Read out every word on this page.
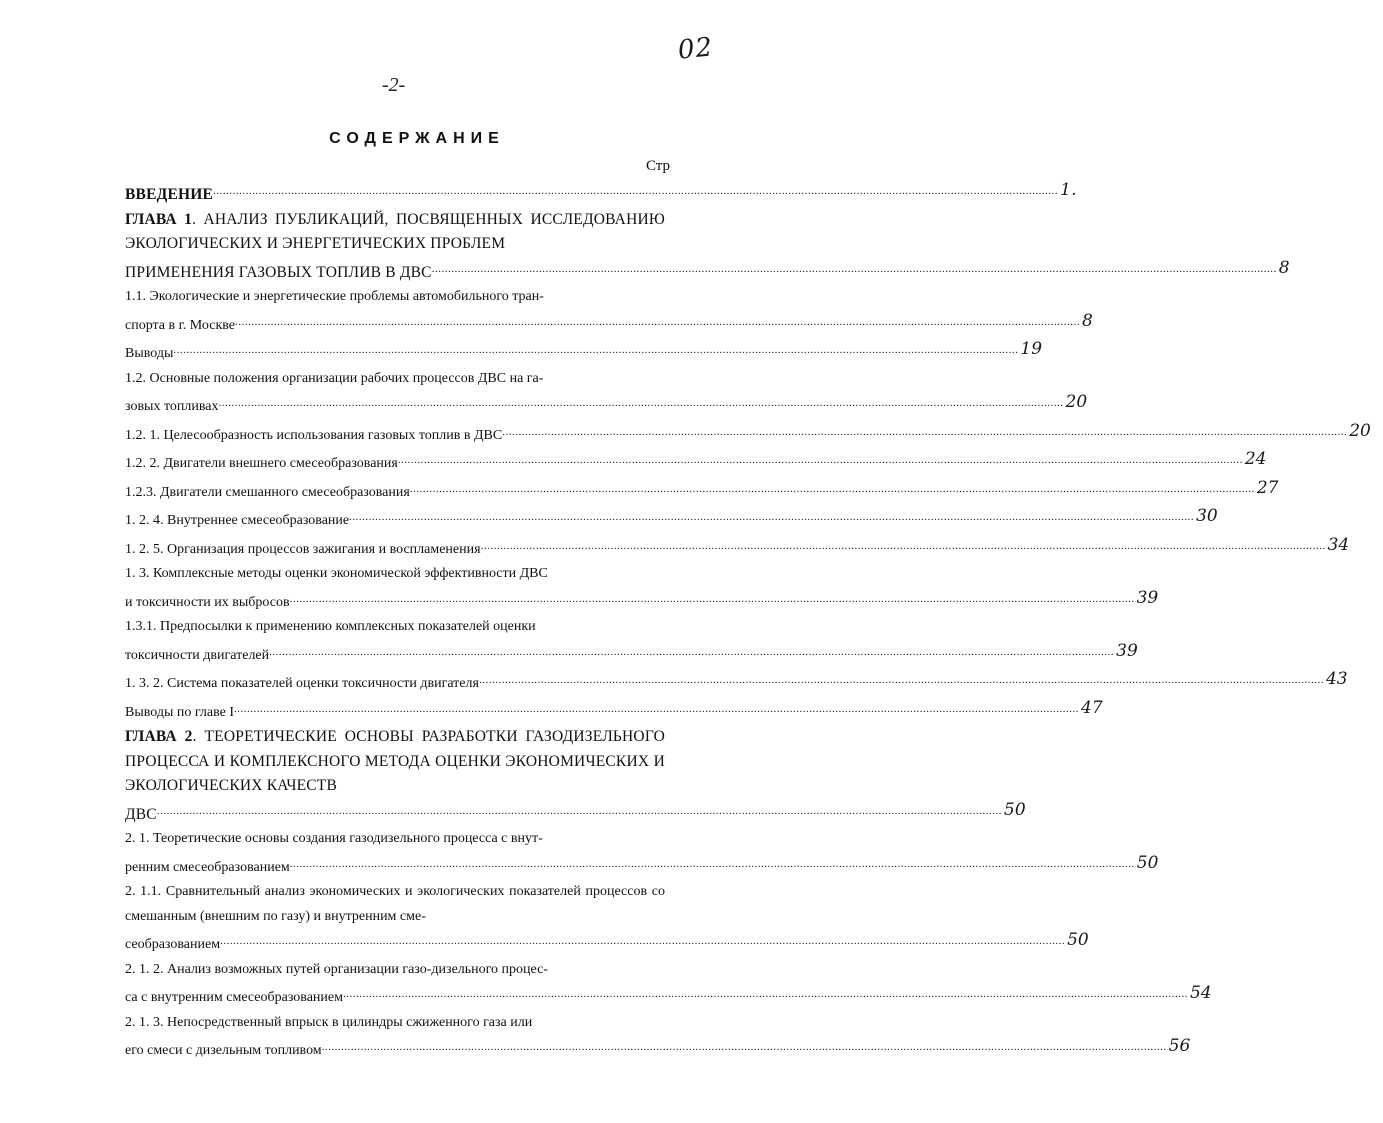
02
-2-
СОДЕРЖАНИЕ
Стр
ВВЕДЕНИЕ .................................................................................................................................................................................................................................................................... 1.
ГЛАВА 1. АНАЛИЗ ПУБЛИКАЦИЙ, ПОСВЯЩЕННЫХ ИССЛЕДОВАНИЮ ЭКОЛОГИЧЕСКИХ И ЭНЕРГЕТИЧЕСКИХ ПРОБЛЕМ
ПРИМЕНЕНИЯ ГАЗОВЫХ ТОПЛИВ В ДВС .................................................................................................................................................................................................................................................................... 8
1.1. Экологические и энергетические проблемы автомобильного тран-
спорта в г. Москве .................................................................................................................................................................................................................................................................... 8
Выводы .................................................................................................................................................................................................................................................................... 19
1.2. Основные положения организации рабочих процессов ДВС на га-
зовых топливах .................................................................................................................................................................................................................................................................... 20
1.2. 1. Целесообразность использования газовых топлив в ДВС .................................................................................................................................................................................................................................................................... 20
1.2. 2. Двигатели внешнего смесеобразования .................................................................................................................................................................................................................................................................... 24
1.2.3. Двигатели смешанного смесеобразования .................................................................................................................................................................................................................................................................... 27
1. 2. 4. Внутреннее смесеобразование .................................................................................................................................................................................................................................................................... 30
1. 2. 5. Организация процессов зажигания и воспламенения .................................................................................................................................................................................................................................................................... 34
1. 3. Комплексные методы оценки экономической эффективности ДВС
и токсичности их выбросов .................................................................................................................................................................................................................................................................... 39
1.3.1. Предпосылки к применению комплексных показателей оценки
токсичности двигателей .................................................................................................................................................................................................................................................................... 39
1. 3. 2. Система показателей оценки токсичности двигателя .................................................................................................................................................................................................................................................................... 43
Выводы по главе I .................................................................................................................................................................................................................................................................... 47
ГЛАВА 2. ТЕОРЕТИЧЕСКИЕ ОСНОВЫ РАЗРАБОТКИ ГАЗОДИЗЕЛЬНОГО ПРОЦЕССА И КОМПЛЕКСНОГО МЕТОДА ОЦЕНКИ ЭКОНОМИЧЕСКИХ И ЭКОЛОГИЧЕСКИХ КАЧЕСТВ
ДВС .................................................................................................................................................................................................................................................................... 50
2. 1. Теоретические основы создания газодизельного процесса с внут-
ренним смесеобразованием .................................................................................................................................................................................................................................................................... 50
2. 1.1. Сравнительный анализ экономических и экологических показателей процессов со смешанным (внешним по газу) и внутренним сме-
сеобразованием .................................................................................................................................................................................................................................................................... 50
2. 1. 2. Анализ возможных путей организации газо-дизельного процес-
са с внутренним смесеобразованием .................................................................................................................................................................................................................................................................... 54
2. 1. 3. Непосредственный впрыск в цилиндры сжиженного газа или
его смеси с дизельным топливом .................................................................................................................................................................................................................................................................... 56
